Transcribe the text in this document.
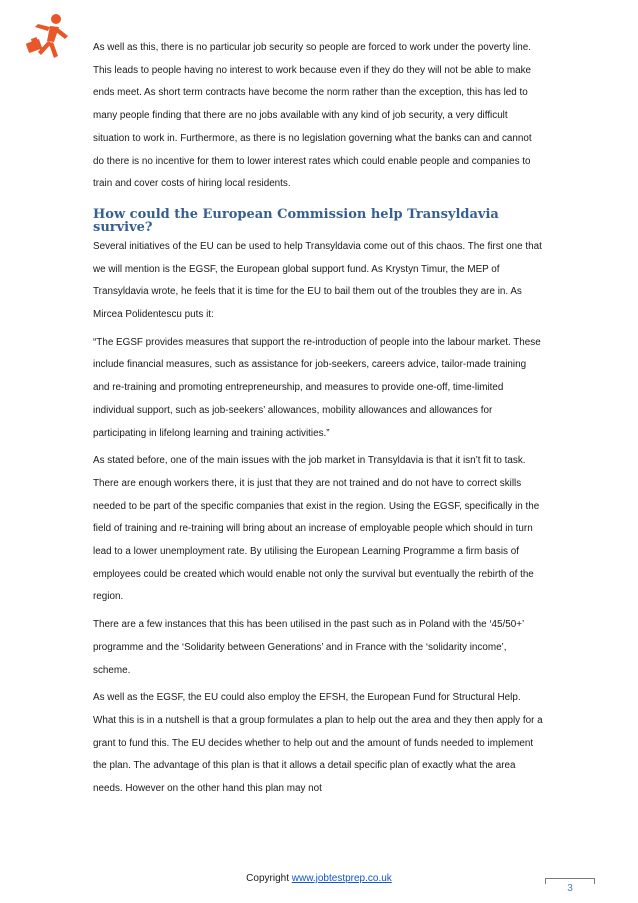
As well as this, there is no particular job security so people are forced to work under the poverty line. This leads to people having no interest to work because even if they do they will not be able to make ends meet. As short term contracts have become the norm rather than the exception, this has led to many people finding that there are no jobs available with any kind of job security, a very difficult situation to work in. Furthermore, as there is no legislation governing what the banks can and cannot do there is no incentive for them to lower interest rates which could enable people and companies to train and cover costs of hiring local residents.

How could the European Commission help Transyldavia survive?

Several initiatives of the EU can be used to help Transyldavia come out of this chaos. The first one that we will mention is the EGSF, the European global support fund. As Krystyn Timur, the MEP of Transyldavia wrote, he feels that it is time for the EU to bail them out of the troubles they are in. As Mircea Polidentescu puts it:

“The EGSF provides measures that support the re-introduction of people into the labour market. These include financial measures, such as assistance for job-seekers, careers advice, tailor-made training and re-training and promoting entrepreneurship, and measures to provide one-off, time-limited individual support, such as job-seekers’ allowances, mobility allowances and allowances for participating in lifelong learning and training activities.”

As stated before, one of the main issues with the job market in Transyldavia is that it isn’t fit to task. There are enough workers there, it is just that they are not trained and do not have to correct skills needed to be part of the specific companies that exist in the region. Using the EGSF, specifically in the field of training and re-training will bring about an increase of employable people which should in turn lead to a lower unemployment rate. By utilising the European Learning Programme a firm basis of employees could be created which would enable not only the survival but eventually the rebirth of the region.

There are a few instances that this has been utilised in the past such as in Poland with the ‘45/50+’ programme and the ‘Solidarity between Generations’ and in France with the ‘solidarity income’, scheme.

As well as the EGSF, the EU could also employ the EFSH, the European Fund for Structural Help. What this is in a nutshell is that a group formulates a plan to help out the area and they then apply for a grant to fund this. The EU decides whether to help out and the amount of funds needed to implement the plan. The advantage of this plan is that it allows a detail specific plan of exactly what the area needs. However on the other hand this plan may not

Copyright www.jobtestprep.co.uk
3
